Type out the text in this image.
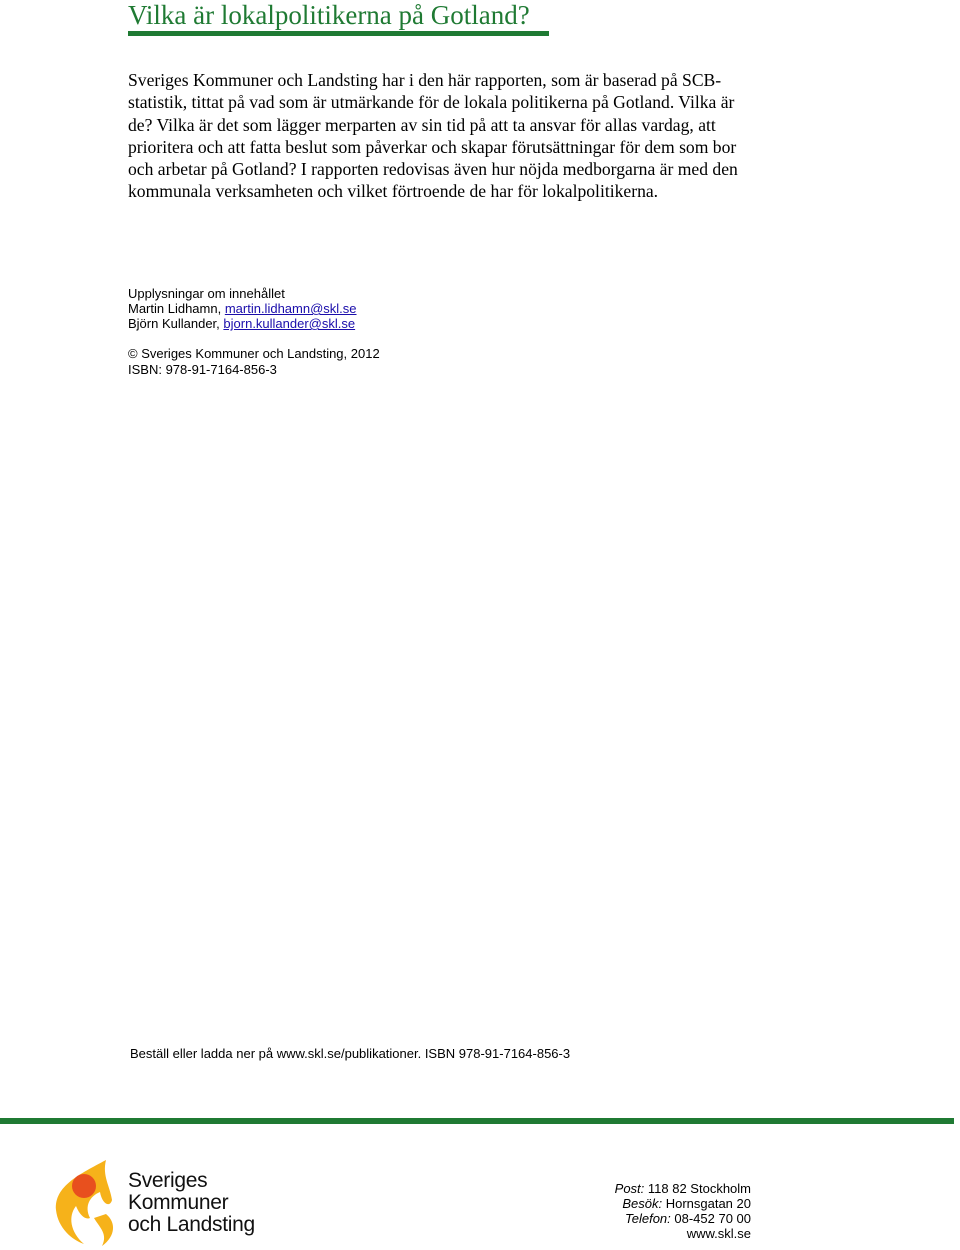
Vilka är lokalpolitikerna på Gotland?

Sveriges Kommuner och Landsting har i den här rapporten, som är baserad på SCB-statistik, tittat på vad som är utmärkande för de lokala politikerna på Gotland. Vilka är de? Vilka är det som lägger merparten av sin tid på att ta ansvar för allas vardag, att prioritera och att fatta beslut som påverkar och skapar förutsättningar för dem som bor och arbetar på Gotland? I rapporten redovisas även hur nöjda medborgarna är med den kommunala verksamheten och vilket förtroende de har för lokalpolitikerna.

Upplysningar om innehållet
Martin Lidhamn, martin.lidhamn@skl.se
Björn Kullander, bjorn.kullander@skl.se
© Sveriges Kommuner och Landsting, 2012
ISBN: 978-91-7164-856-3
Beställ eller ladda ner på www.skl.se/publikationer. ISBN 978-91-7164-856-3
Sveriges
Kommuner
och Landsting
Post: 118 82 Stockholm
Besök: Hornsgatan 20
Telefon: 08-452 70 00
www.skl.se
